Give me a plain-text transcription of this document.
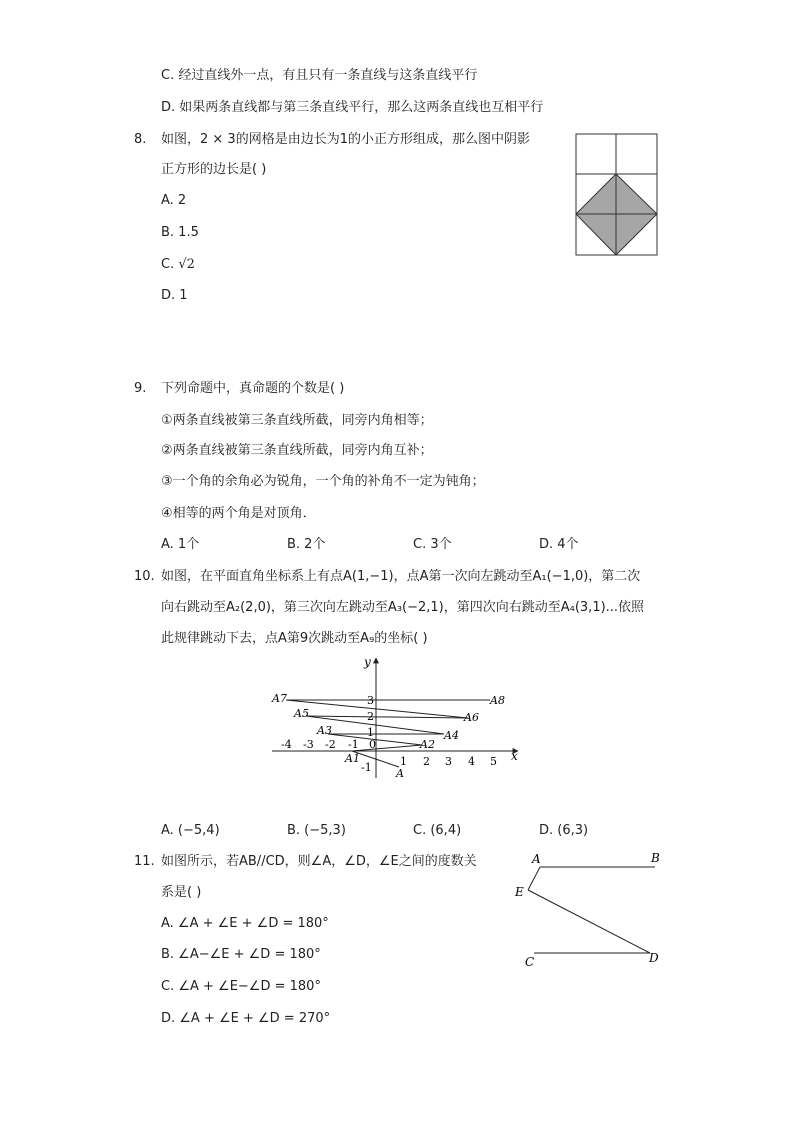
C. 经过直线外一点，有且只有一条直线与这条直线平行
D. 如果两条直线都与第三条直线平行，那么这两条直线也互相平行
8. 如图，2 × 3的网格是由边长为1的小正方形组成，那么图中阴影
正方形的边长是( )
A. 2
B. 1.5
C. √2
D. 1
9. 下列命题中，真命题的个数是( )
①两条直线被第三条直线所截，同旁内角相等；
②两条直线被第三条直线所截，同旁内角互补；
③一个角的余角必为锐角，一个角的补角不一定为钝角；
④相等的两个角是对顶角．
A. 1个	B. 2个	C. 3个	D. 4个
10. 如图，在平面直角坐标系上有点A(1,−1)，点A第一次向左跳动至A₁(−1,0)，第二次
向右跳动至A₂(2,0)，第三次向左跳动至A₃(−2,1)，第四次向右跳动至A₄(3,1)...依照
此规律跳动下去，点A第9次跳动至A₉的坐标( )
y
x
0
-4 -3 -2 -1
1 2 3 4 5
3
2
1
-1 A
A1
A2
A3	A4
A5	A6
A7	A8
A. (−5,4)	B. (−5,3)	C. (6,4)	D. (6,3)
11. 如图所示，若AB//CD，则∠A，∠D，∠E之间的度数关
系是( )
A. ∠A + ∠E + ∠D = 180°
B. ∠A−∠E + ∠D = 180°
C. ∠A + ∠E−∠D = 180°
D. ∠A + ∠E + ∠D = 270°
A	B
E
C	D
